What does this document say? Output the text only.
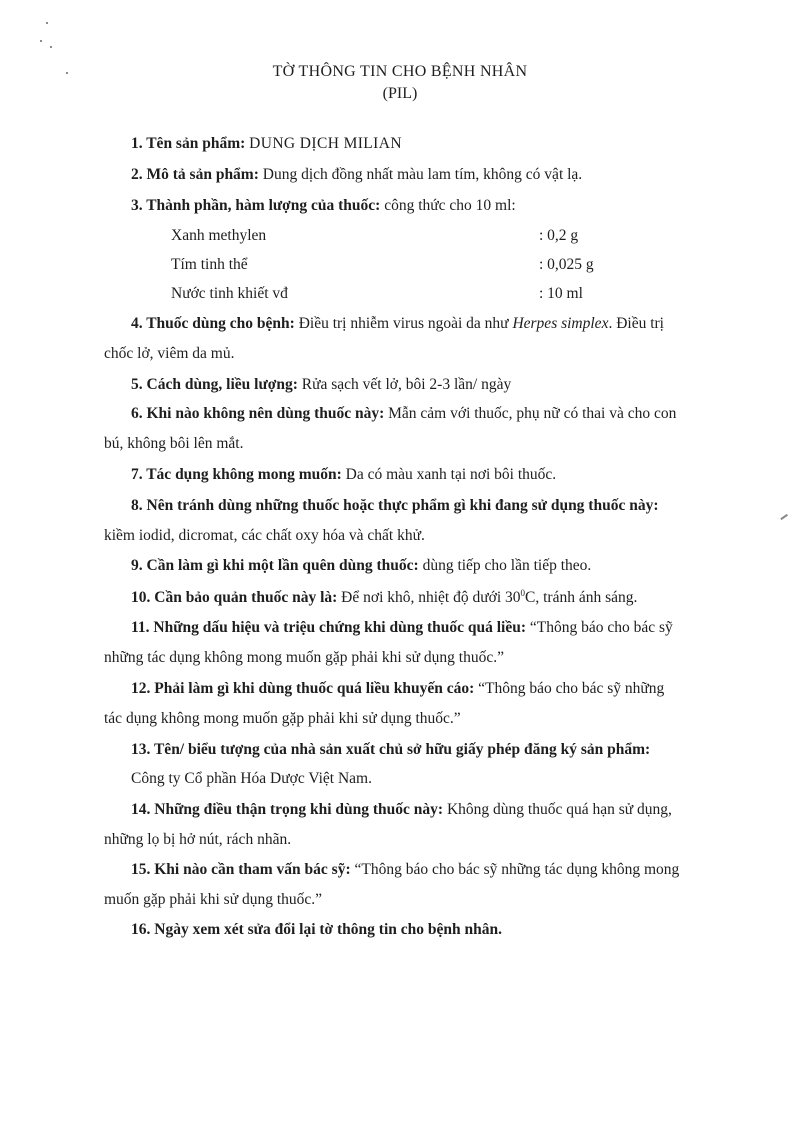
TỜ THÔNG TIN CHO BỆNH NHÂN
(PIL)
1. Tên sản phẩm: DUNG DỊCH MILIAN
2. Mô tả sản phẩm: Dung dịch đồng nhất màu lam tím, không có vật lạ.
3. Thành phần, hàm lượng của thuốc: công thức cho 10 ml:
Xanh methylen	: 0,2 g
Tím tinh thể	: 0,025 g
Nước tinh khiết vđ	: 10 ml
4. Thuốc dùng cho bệnh: Điều trị nhiễm virus ngoài da như Herpes simplex. Điều trị
chốc lở, viêm da mủ.
5. Cách dùng, liều lượng: Rửa sạch vết lở, bôi 2-3 lần/ ngày
6. Khi nào không nên dùng thuốc này: Mẫn cảm với thuốc, phụ nữ có thai và cho con
bú, không bôi lên mắt.
7. Tác dụng không mong muốn: Da có màu xanh tại nơi bôi thuốc.
8. Nên tránh dùng những thuốc hoặc thực phẩm gì khi đang sử dụng thuốc này:
kiềm iodid, dicromat, các chất oxy hóa và chất khử.
9. Cần làm gì khi một lần quên dùng thuốc: dùng tiếp cho lần tiếp theo.
10. Cần bảo quản thuốc này là: Để nơi khô, nhiệt độ dưới $30^0C$, tránh ánh sáng.
11. Những dấu hiệu và triệu chứng khi dùng thuốc quá liều: “Thông báo cho bác sỹ
những tác dụng không mong muốn gặp phải khi sử dụng thuốc.”
12. Phải làm gì khi dùng thuốc quá liều khuyến cáo: “Thông báo cho bác sỹ những
tác dụng không mong muốn gặp phải khi sử dụng thuốc.”
13. Tên/ biểu tượng của nhà sản xuất chủ sở hữu giấy phép đăng ký sản phẩm:
Công ty Cổ phần Hóa Dược Việt Nam.
14. Những điều thận trọng khi dùng thuốc này: Không dùng thuốc quá hạn sử dụng,
những lọ bị hở nút, rách nhãn.
15. Khi nào cần tham vấn bác sỹ: “Thông báo cho bác sỹ những tác dụng không mong
muốn gặp phải khi sử dụng thuốc.”
16. Ngày xem xét sửa đổi lại tờ thông tin cho bệnh nhân.
